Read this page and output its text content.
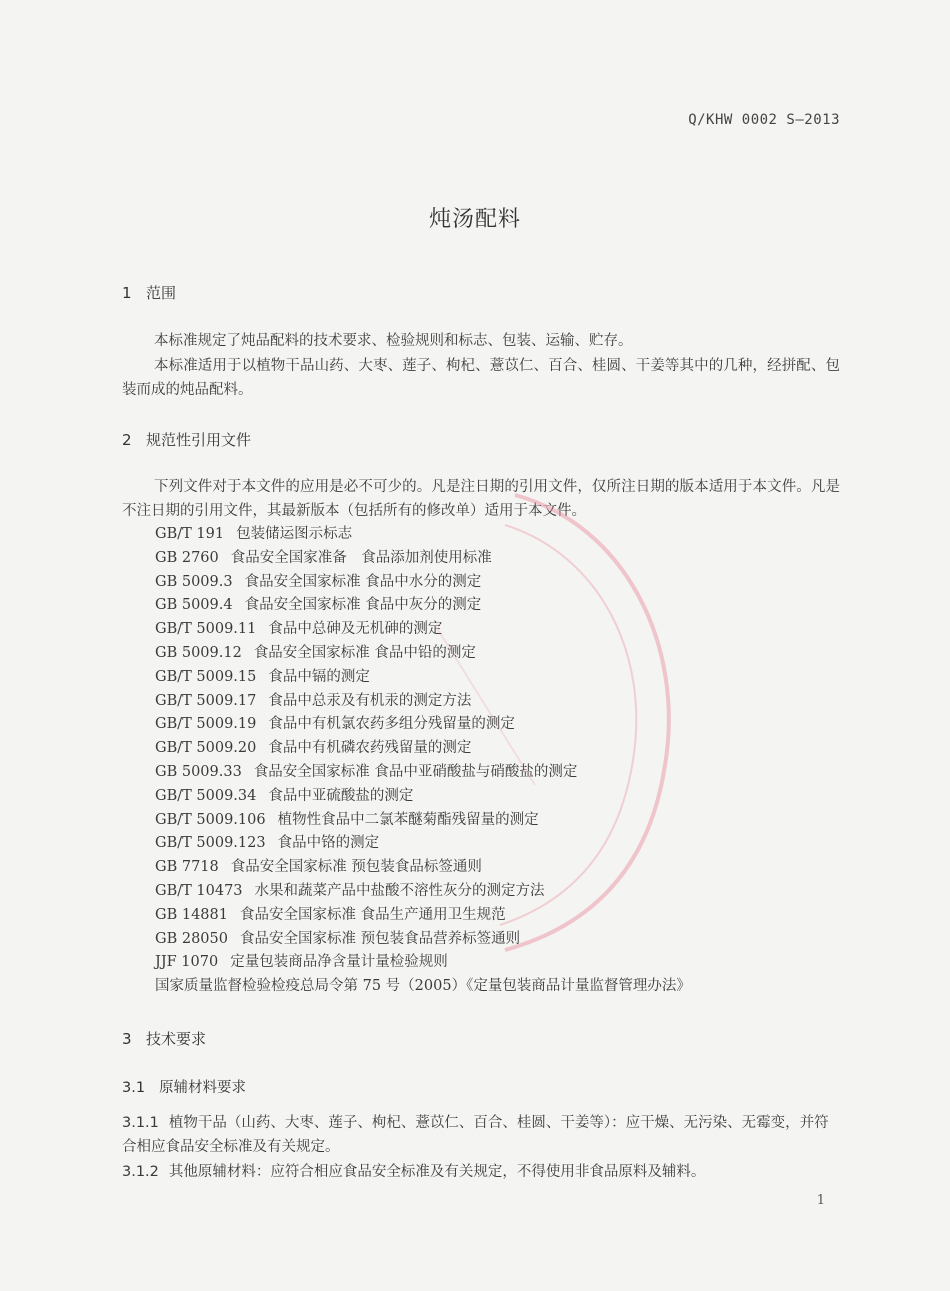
Q/KHW 0002 S—2013
炖汤配料
1 范围
本标准规定了炖品配料的技术要求、检验规则和标志、包装、运输、贮存。
本标准适用于以植物干品山药、大枣、莲子、枸杞、薏苡仁、百合、桂圆、干姜等其中的几种，经拼配、包装而成的炖品配料。
2 规范性引用文件
下列文件对于本文件的应用是必不可少的。凡是注日期的引用文件，仅所注日期的版本适用于本文件。凡是不注日期的引用文件，其最新版本（包括所有的修改单）适用于本文件。
GB/T 191 包装储运图示标志
GB 2760 食品安全国家准备　食品添加剂使用标准
GB 5009.3 食品安全国家标准 食品中水分的测定
GB 5009.4 食品安全国家标准 食品中灰分的测定
GB/T 5009.11 食品中总砷及无机砷的测定
GB 5009.12 食品安全国家标准 食品中铅的测定
GB/T 5009.15 食品中镉的测定
GB/T 5009.17 食品中总汞及有机汞的测定方法
GB/T 5009.19 食品中有机氯农药多组分残留量的测定
GB/T 5009.20 食品中有机磷农药残留量的测定
GB 5009.33 食品安全国家标准 食品中亚硝酸盐与硝酸盐的测定
GB/T 5009.34 食品中亚硫酸盐的测定
GB/T 5009.106 植物性食品中二氯苯醚菊酯残留量的测定
GB/T 5009.123 食品中铬的测定
GB 7718 食品安全国家标准 预包装食品标签通则
GB/T 10473 水果和蔬菜产品中盐酸不溶性灰分的测定方法
GB 14881 食品安全国家标准 食品生产通用卫生规范
GB 28050 食品安全国家标准 预包装食品营养标签通则
JJF 1070 定量包装商品净含量计量检验规则
国家质量监督检验检疫总局令第 75 号（2005）《定量包装商品计量监督管理办法》
3 技术要求
3.1 原辅材料要求
3.1.1 植物干品（山药、大枣、莲子、枸杞、薏苡仁、百合、桂圆、干姜等）：应干燥、无污染、无霉变，并符合相应食品安全标准及有关规定。
3.1.2 其他原辅材料：应符合相应食品安全标准及有关规定，不得使用非食品原料及辅料。
1
